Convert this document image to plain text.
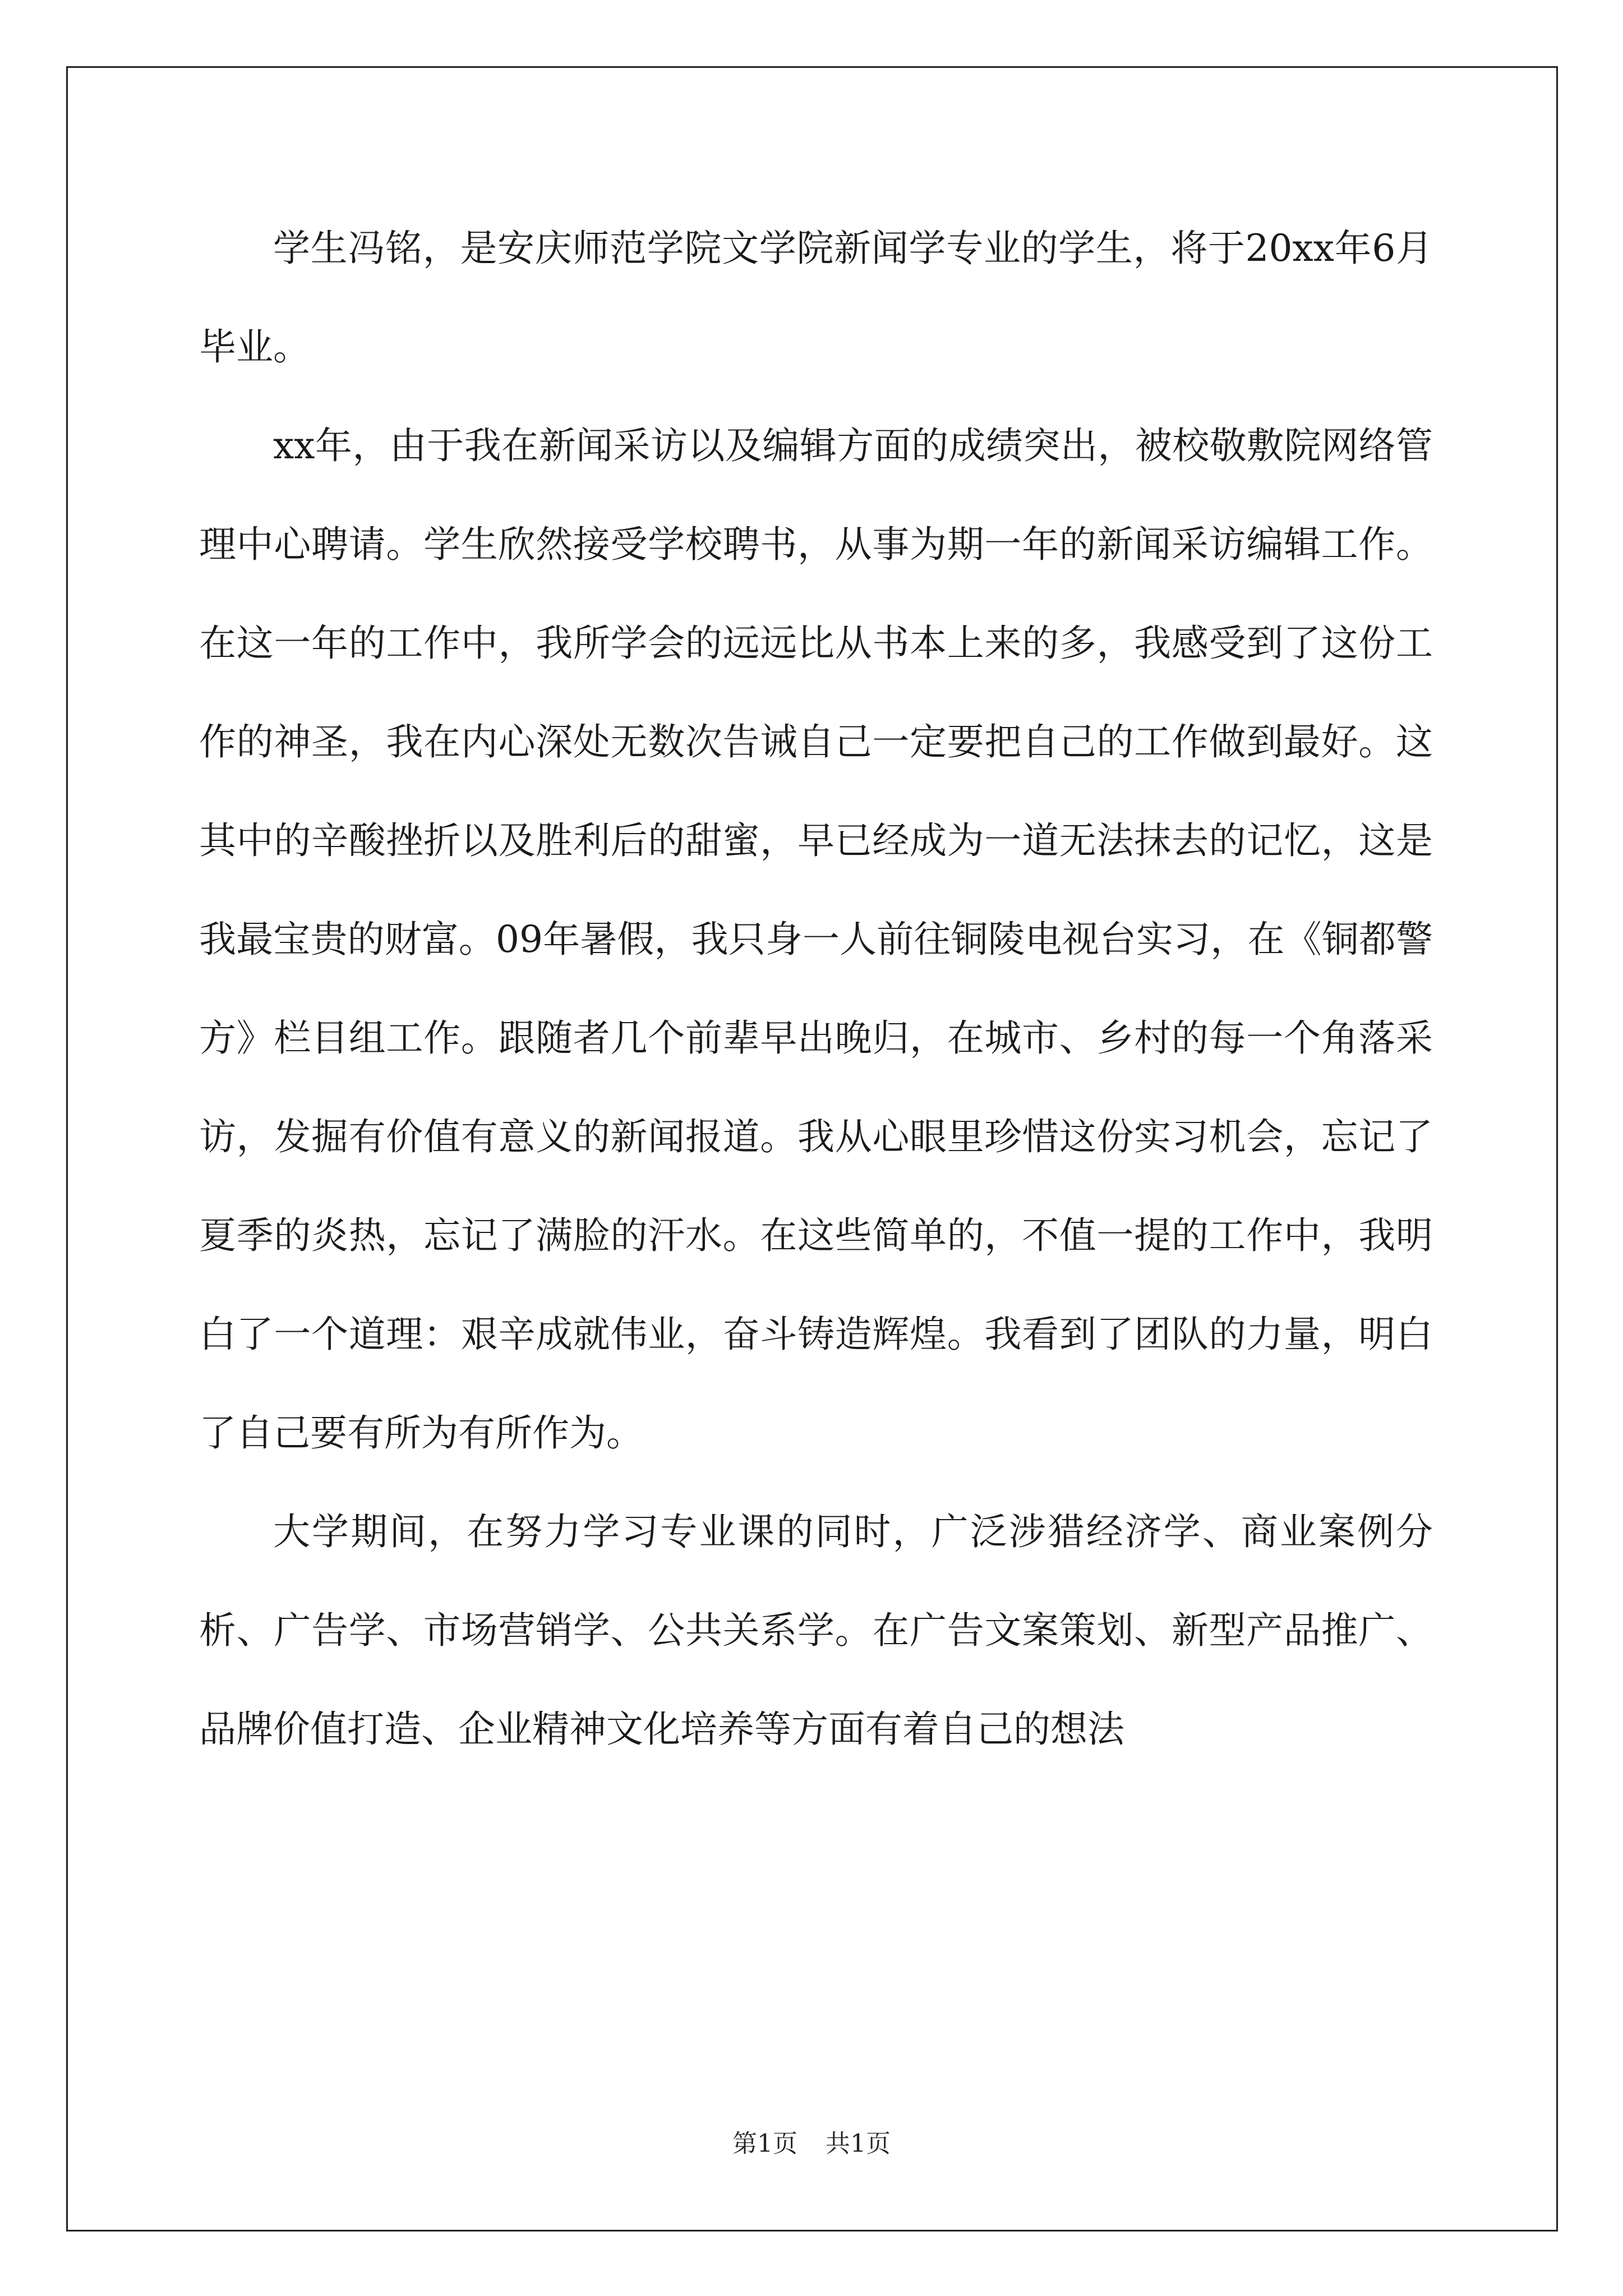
学生冯铭，是安庆师范学院文学院新闻学专业的学生，将于20xx年6月毕业。

xx年，由于我在新闻采访以及编辑方面的成绩突出，被校敬敷院网络管理中心聘请。学生欣然接受学校聘书，从事为期一年的新闻采访编辑工作。在这一年的工作中，我所学会的远远比从书本上来的多，我感受到了这份工作的神圣，我在内心深处无数次告诫自己一定要把自己的工作做到最好。这其中的辛酸挫折以及胜利后的甜蜜，早已经成为一道无法抹去的记忆，这是我最宝贵的财富。09年暑假，我只身一人前往铜陵电视台实习，在《铜都警方》栏目组工作。跟随者几个前辈早出晚归，在城市、乡村的每一个角落采访，发掘有价值有意义的新闻报道。我从心眼里珍惜这份实习机会，忘记了夏季的炎热，忘记了满脸的汗水。在这些简单的，不值一提的工作中，我明白了一个道理：艰辛成就伟业，奋斗铸造辉煌。我看到了团队的力量，明白了自己要有所为有所作为。

大学期间，在努力学习专业课的同时，广泛涉猎经济学、商业案例分析、广告学、市场营销学、公共关系学。在广告文案策划、新型产品推广、品牌价值打造、企业精神文化培养等方面有着自己的想法

第1页 共1页
